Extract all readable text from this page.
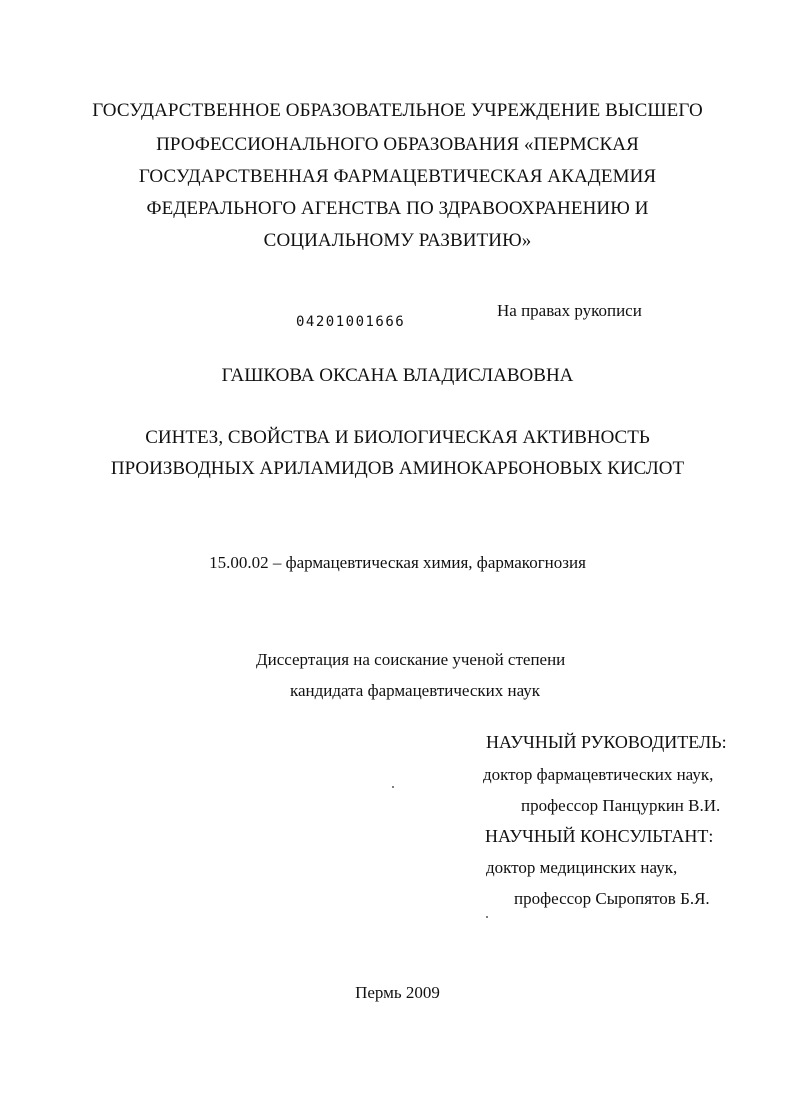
ГОСУДАРСТВЕННОЕ ОБРАЗОВАТЕЛЬНОЕ УЧРЕЖДЕНИЕ ВЫСШЕГО
ПРОФЕССИОНАЛЬНОГО ОБРАЗОВАНИЯ «ПЕРМСКАЯ
ГОСУДАРСТВЕННАЯ ФАРМАЦЕВТИЧЕСКАЯ АКАДЕМИЯ
ФЕДЕРАЛЬНОГО АГЕНСТВА ПО ЗДРАВООХРАНЕНИЮ И
СОЦИАЛЬНОМУ РАЗВИТИЮ»
04201001666
На правах рукописи
ГАШКОВА ОКСАНА ВЛАДИСЛАВОВНА
СИНТЕЗ, СВОЙСТВА И БИОЛОГИЧЕСКАЯ АКТИВНОСТЬ
ПРОИЗВОДНЫХ АРИЛАМИДОВ АМИНОКАРБОНОВЫХ КИСЛОТ
15.00.02 – фармацевтическая химия, фармакогнозия
Диссертация на соискание ученой степени
кандидата фармацевтических наук
НАУЧНЫЙ РУКОВОДИТЕЛЬ:
доктор фармацевтических наук,
профессор Панцуркин В.И.
НАУЧНЫЙ КОНСУЛЬТАНТ:
доктор медицинских наук,
профессор Сыропятов Б.Я.
Пермь 2009
